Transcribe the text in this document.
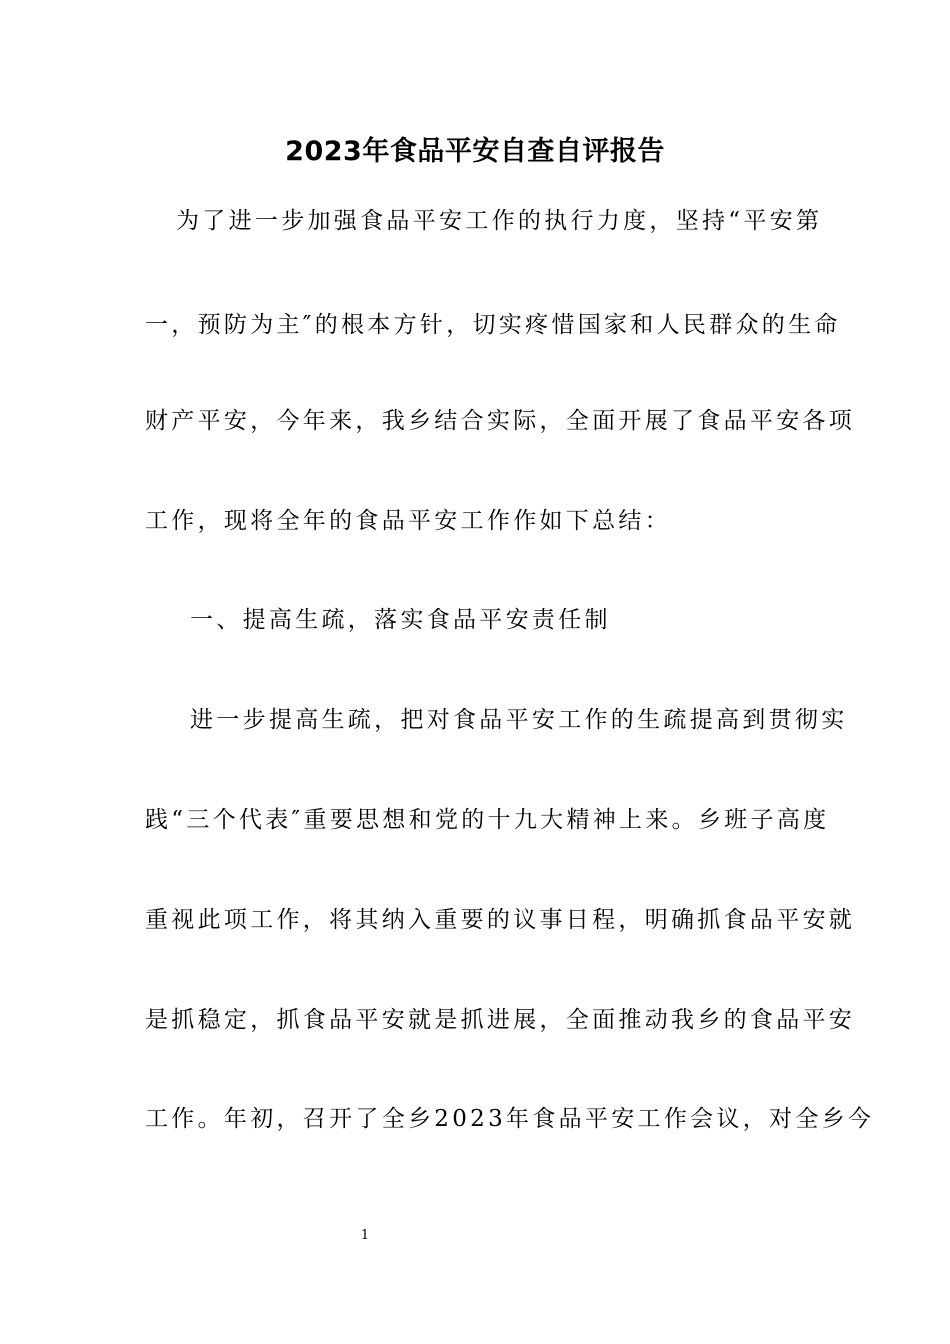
2023年食品平安自查自评报告
为了进一步加强食品平安工作的执行力度，坚持“平安第
一，预防为主″的根本方针，切实疼惜国家和人民群众的生命
财产平安，今年来，我乡结合实际，全面开展了食品平安各项
工作，现将全年的食品平安工作作如下总结：
一、提高生疏，落实食品平安责任制
进一步提高生疏，把对食品平安工作的生疏提高到贯彻实
践“三个代表″重要思想和党的十九大精神上来。乡班子高度
重视此项工作，将其纳入重要的议事日程，明确抓食品平安就
是抓稳定，抓食品平安就是抓进展，全面推动我乡的食品平安
工作。年初，召开了全乡2023年食品平安工作会议，对全乡今
1
